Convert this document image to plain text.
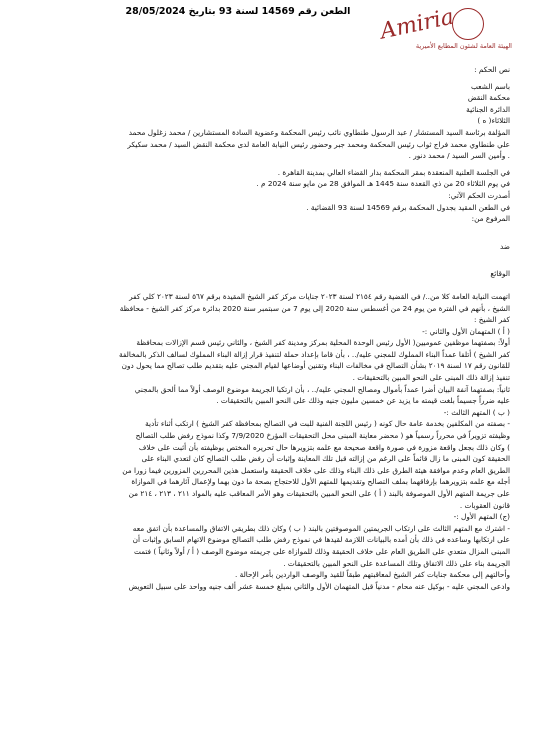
الطعن رقم 14569 لسنة 93 بتاريخ 28/05/2024	Amiria
الهيئة العامة لشئون المطابع الأميرية

نص الحكم :

باسم الشعب

محكمة النقض

الدائرة الجنائية

الثلاثاء( ه )

المؤلفة برئاسة السيد المستشار / عبد الرسول طنطاوي نائب رئيس المحكمة وعضوية السادة المستشارين / محمد زغلول محمد

علي طنطاوي محمد فراج ثواب رئيس المحكمة ومحمد جبر وحضور رئيس النيابة العامة لدى محكمة النقض السيد / محمد سكيكر

. وأمين السر السيد / محمد دنور .

في الجلسة العلنية المنعقدة بمقر المحكمة بدار القضاء العالي بمدينة القاهرة .

في يوم الثلاثاء 20 من ذي القعدة سنة 1445 هـ الموافق 28 من مايو سنة 2024 م .

أصدرت الحكم الآتي:

في الطعن المقيد بجدول المحكمة برقم 14569 لسنة 93 القضائية .

المرفوع من:

ضد

الوقائع

اتهمت النيابة العامة كلا من../ في القضية رقم ٢١٥٤ لسنة ٢٠٢٣ جنايات مركز كفر الشيخ المقيدة برقم ٥٦٧ لسنة ٢٠٢٣ كلي كفر

الشيخ ، بأنهم في الفترة من يوم 24 من أغسطس سنة 2020 إلى يوم 7 من سبتمبر سنة 2020 بدائرة مركز كفر الشيخ - محافظة

كفر الشيخ :

( أ ) المتهمان الأول والثاني :-

أولاً: بصفتهما موظفين عموميين( الأول رئيس الوحدة المحلية بمركز ومدينة كفر الشيخ ، والثاني رئيس قسم الإزالات بمحافظة

كفر الشيخ ) أتلفا عمداً البناء المملوك للمجني عليه/.. ، بأن قاما بإعداد حملة لتنفيذ قرار إزالة البناء المملوك لسالف الذكر بالمخالفة

للقانون رقم ١٧ لسنة ٢٠١٩ بشأن التصالح في مخالفات البناء وتقنين أوضاعها لقيام المجني عليه بتقديم طلب تصالح مما يحول دون

تنفيذ إزالة ذلك المبنى على النحو المبين بالتحقيقات .

ثانياً: بصفتهما آنفة البيان أضرا عمداً بأموال ومصالح المجني عليه/.. ، بأن ارتكبا الجريمة موضوع الوصف أولاً مما ألحق بالمجني

عليه ضرراً جسيماً بلغت قيمته ما يزيد عن خمسين مليون جنيه وذلك على النحو المبين بالتحقيقات .

( ب ) المتهم الثالث :-

- بصفته من المكلفين بخدمة عامة حال كونه ( رئيس اللجنة الفنية للبت في التصالح بمحافظة كفر الشيخ ) ارتكب أثناء تأدية

وظيفته تزويراً في محرراً رسمياً هو ( محضر معاينة المبنى محل التحقيقات المؤرخ 7/9/2020 وكذا نموذج رفض طلب التصالح

) وكان ذلك بجعل واقعة مزورة في صورة واقعة صحيحة مع علمه بتزويرها حال تحريره المختص بوظيفته بأن أثبت على خلاف

الحقيقة كون المبنى ما زال قائماً على الرغم من إزالته قبل تلك المعاينة وإثبات أن رفض طلب التصالح كان لتعدي البناء على

الطريق العام وعدم موافقة هيئة الطرق على ذلك البناء وذلك على خلاف الحقيقة واستعمل هذين المحررين المزورين فيما زورا من

أجله مع علمه بتزويرهما بإرفاقهما بملف التصالح وتقديمها للمتهم الأول للاحتجاج بصحة ما دون بهما ولإعمال آثارهما في الموازاة

على جريمة المتهم الأول الموصوفة بالبند ( أ ) على النحو المبين بالتحقيقات وهو الأمر المعاقب عليه بالمواد ٢١١ ، ٢١٣ ، ٢١٤ من

قانون العقوبات .

(ج) المتهم الأول :-

- اشترك مع المتهم الثالث على ارتكاب الجريمتين الموصوفتين بالبند ( ب ) وكان ذلك بطريقي الاتفاق والمساعدة بأن اتفق معه

على ارتكابها وساعده في ذلك بأن أمده بالبيانات اللازمة لقيدها في نموذج رفض طلب التصالح موضوع الاتهام السابق وإثبات أن

المبنى المزال متعدي على الطريق العام على خلاف الحقيقة وذلك للموازاة على جريمته موضوع الوصف ( أ / أولاً وثانياً ) فتمت

الجريمة بناء على ذلك الاتفاق وتلك المساعدة على النحو المبين بالتحقيقات .

وأحالتهم إلى محكمة جنايات كفر الشيخ لمعاقبتهم طبقاً للقيد والوصف الواردين بأمر الإحالة .

وادعى المجني عليه - بوكيل عنه محام - مدنياً قبل المتهمان الأول والثاني بمبلغ خمسة عشر ألف جنيه وواحد على سبيل التعويض
